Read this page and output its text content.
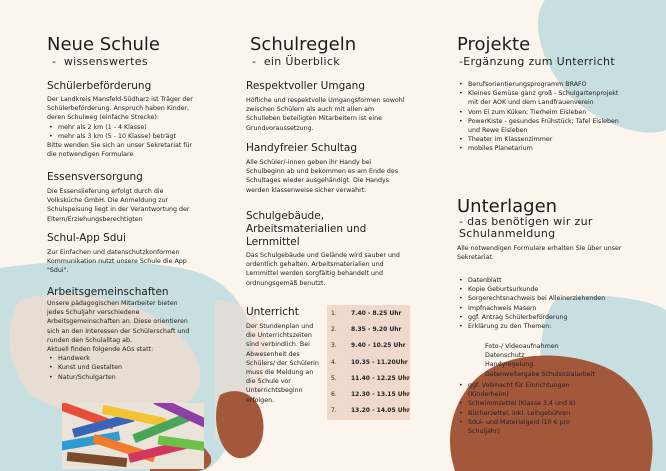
Neue Schule
-  wissenswertes
Schülerbeförderung

Der Landkreis Mansfeld-Südharz ist Träger der Schülerbeförderung. Anspruch haben Kinder, deren Schulweg (einfache Strecke):

• mehr als 2 km (1 - 4 Klasse)
• mehr als 3 km (5 - 10 Klasse) beträgt

Bitte wenden Sie sich an unser Sekretariat für die notwendigen Formulare

Essensversorgung

Die Essenslieferung erfolgt durch die Volksküche GmbH. Die Anmeldung zur Schulspeisung liegt in der Verantwortung der Eltern/Erziehungsberechtigten

Schul-App Sdui

Zur Einfachen und datenschutzkonformen Kommunikation nutzt unsere Schule die App "Sdui".

Arbeitsgemeinschaften

Unsere pädagogischen Mitarbeiter bieten jedes Schuljahr verschiedene Arbeitsgemeinschaften an. Diese orientieren sich an den Interessen der Schülerschaft und runden den Schulalltag ab.

Aktuell finden folgende AGs statt:

• Handwerk
• Kunst und Gestalten
• Natur/Schulgarten
Schulregeln
-  ein Überblick
Respektvoller Umgang

Höfliche und respektvolle Umgangsformen sowohl zwischen Schülern als auch mit allen am Schulleben beteiligten Mitarbeitern ist eine Grundvoraussetzung.

Handyfreier Schultag

Alle Schüler/-innen geben ihr Handy bei Schulbeginn ab und bekommen es am Ende des Schultages wieder ausgehändigt. Die Handys werden klassenweise sicher verwahrt.

Schulgebäude, Arbeitsmaterialien und Lernmittel

Das Schulgebäude und Gelände wird sauber und ordentlich gehalten. Arbeitsmaterialien und Lernmittel werden sorgfältig behandelt und ordnungsgemäß benutzt.

Unterricht

Der Stundenplan und die Unterrichtszeiten sind verbindlich. Bei Abwesenheit des Schülers/ der Schülerin muss die Meldung an die Schule vor Unterrichtsbeginn erfolgen.

1.	7.40 - 8.25 Uhr
2.	8.35 - 9.20 Uhr
3.	9.40 - 10.25 Uhr
4.	10.35 - 11.20Uhr
5.	11.40 - 12.25 Uhr
6.	12.30 - 13.15 Uhr
7.	13.20 - 14.05 Uhr
Projekte
-Ergänzung zum Unterricht
• Berufsorientierungsprogramm BRAFO
• Kleines Gemüse ganz groß - Schulgartenprojekt mit der AOK und dem Landfrauenverein
• Vom Ei zum Küken; Tierheim Eisleben
• PowerKiste - gesundes Frühstück; Tafel Eisleben und Rewe Eisleben
• Theater im Klassenzimmer
• mobiles Planetarium
Unterlagen
- das benötigen wir zur Schulanmeldung

Alle notwendigen Formulare erhalten Sie über unser Sekretariat.

• Datenblatt
• Kopie Geburtsurkunde
• Sorgerechtsnachweis bei Alleinerziehenden
• Impfnachweis Masern
• ggf. Antrag Schülerbeförderung
• Erklärung zu den Themen:
Foto-/ Videoaufnahmen
Datenschutz
Handyregelung
Datenweitergabe Schulsozialarbeit
• ggf. Vollmacht für Einrichtungen (Kinderheim)
• Schwimmzettel (Klasse 3,4 und 8)
• Bücherzettel, inkl. Leihgebühren
• Sdui- und Materialgeld (10 € pro Schuljahr)
